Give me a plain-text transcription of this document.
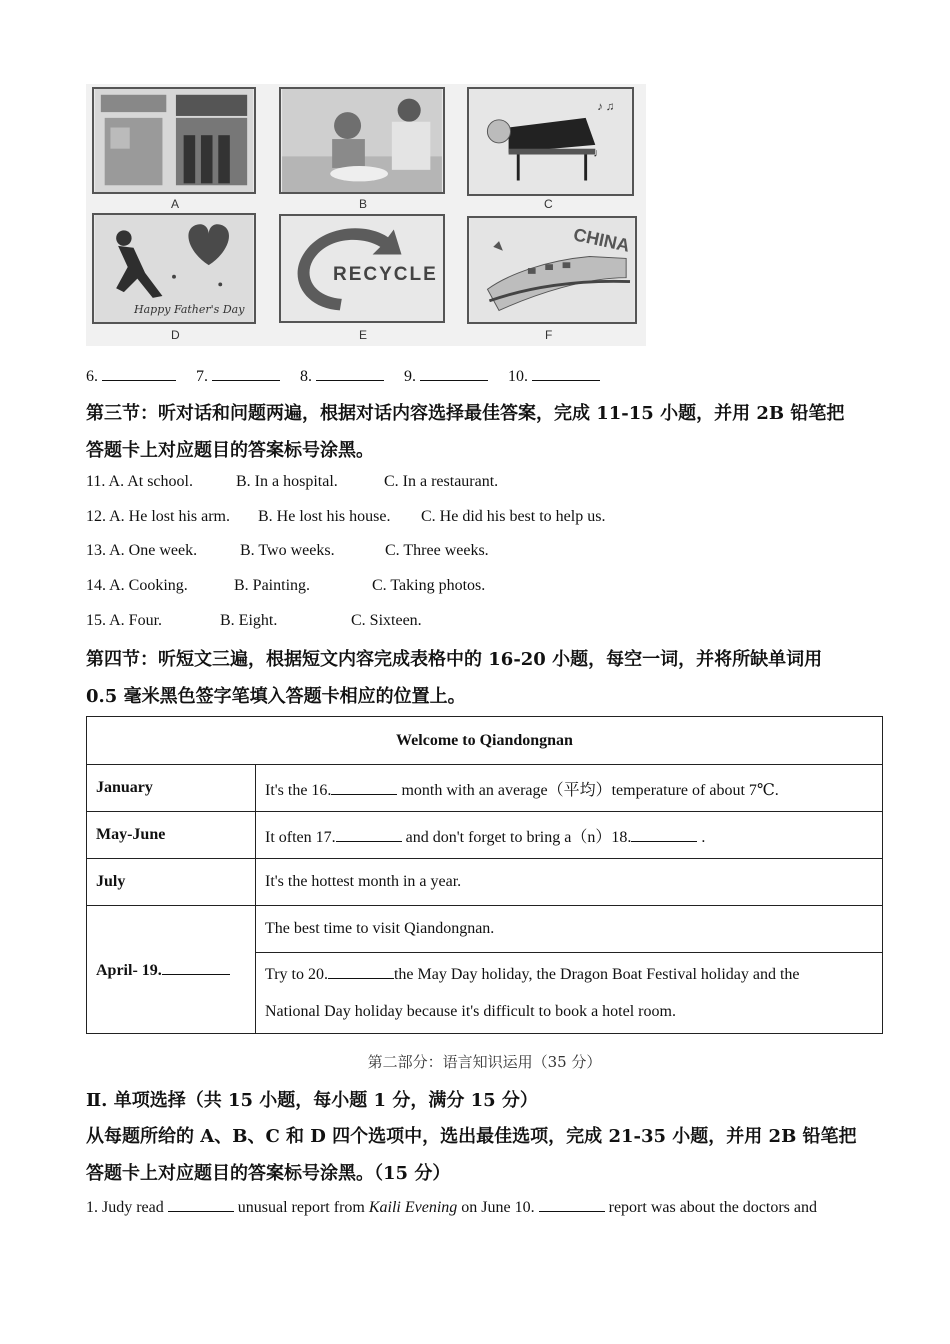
A	B
♪ ♫
♩
C
Happy Father's Day
D
RECYCLE
E
CHINA
F
6.	7.	8.	9.	10.
第三节：听对话和问题两遍，根据对话内容选择最佳答案，完成 11-15 小题，并用 2B 铅笔把
答题卡上对应题目的答案标号涂黑。
11. A. At school.	B. In a hospital.	C. In a restaurant.
12. A. He lost his arm. B. He lost his house. C. He did his best to help us.
13. A. One week.	B. Two weeks.	C. Three weeks.
14. A. Cooking.	B. Painting.	C. Taking photos.
15. A. Four.	B. Eight.	C. Sixteen.
第四节：听短文三遍，根据短文内容完成表格中的 16-20 小题，每空一词，并将所缺单词用
0.5 毫米黑色签字笔填入答题卡相应的位置上。
Welcome to Qiandongnan	
January	It's the 16. month with an average（平均）temperature of about 7℃.
May-June	It often 17. and don't forget to bring a（n）18. .
July	It's the hottest month in a year.
April- 19.	The best time to visit Qiandongnan.
	Try to 20. the May Day holiday, the Dragon Boat Festival holiday and the
National Day holiday because it's difficult to book a hotel room.
第二部分：语言知识运用（35 分）
Ⅱ. 单项选择（共 15 小题，每小题 1 分，满分 15 分）
从每题所给的 A、B、C 和 D 四个选项中，选出最佳选项，完成 21-35 小题，并用 2B 铅笔把
答题卡上对应题目的答案标号涂黑。（15 分）
1. Judy read	unusual report from Kaili Evening on June 10.	report was about the doctors and
